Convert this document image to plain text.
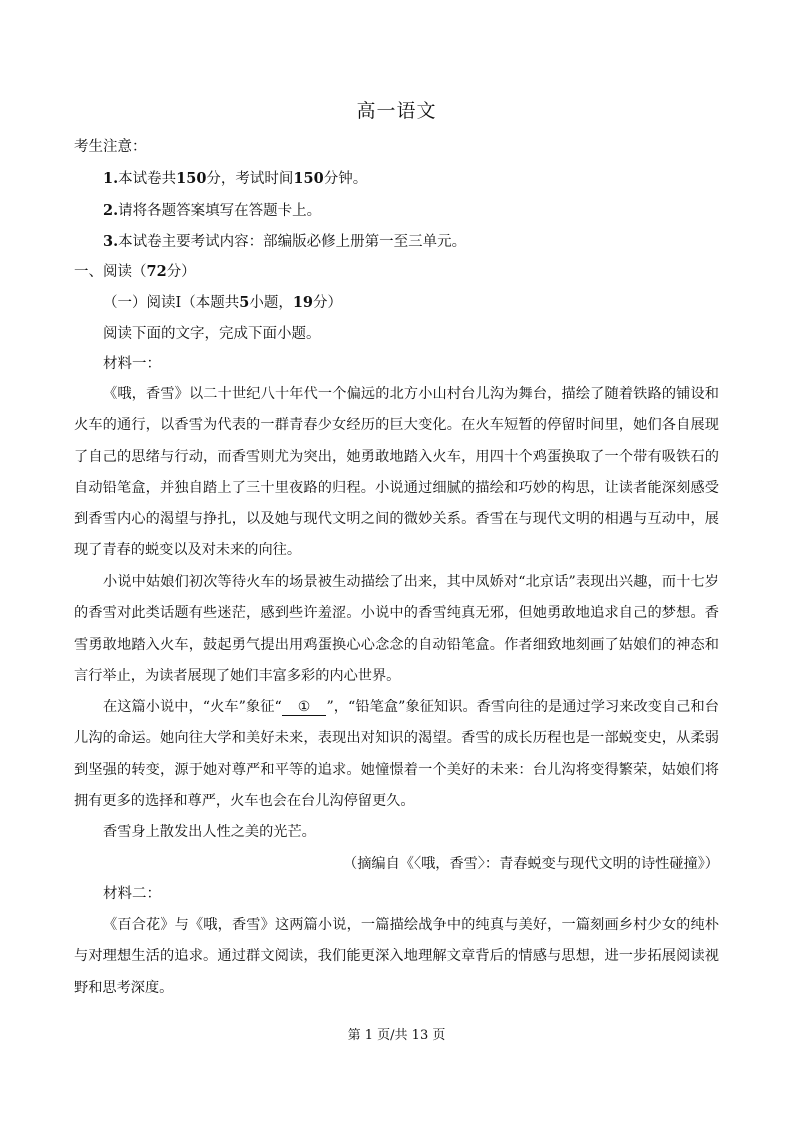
高一语文
考生注意：
1.本试卷共150分，考试时间150分钟。
2.请将各题答案填写在答题卡上。
3.本试卷主要考试内容：部编版必修上册第一至三单元。
一、阅读（72分）
（一）阅读Ⅰ（本题共5小题，19分）
阅读下面的文字，完成下面小题。
材料一：

《哦，香雪》以二十世纪八十年代一个偏远的北方小山村台儿沟为舞台，描绘了随着铁路的铺设和火车的通行，以香雪为代表的一群青春少女经历的巨大变化。在火车短暂的停留时间里，她们各自展现了自己的思绪与行动，而香雪则尤为突出，她勇敢地踏入火车，用四十个鸡蛋换取了一个带有吸铁石的自动铅笔盒，并独自踏上了三十里夜路的归程。小说通过细腻的描绘和巧妙的构思，让读者能深刻感受到香雪内心的渴望与挣扎，以及她与现代文明之间的微妙关系。香雪在与现代文明的相遇与互动中，展现了青春的蜕变以及对未来的向往。

小说中姑娘们初次等待火车的场景被生动描绘了出来，其中凤娇对“北京话”表现出兴趣，而十七岁的香雪对此类话题有些迷茫，感到些许羞涩。小说中的香雪纯真无邪，但她勇敢地追求自己的梦想。香雪勇敢地踏入火车，鼓起勇气提出用鸡蛋换心心念念的自动铅笔盒。作者细致地刻画了姑娘们的神态和言行举止，为读者展现了她们丰富多彩的内心世界。

在这篇小说中，“火车”象征“ ① ”，“铅笔盒”象征知识。香雪向往的是通过学习来改变自己和台儿沟的命运。她向往大学和美好未来，表现出对知识的渴望。香雪的成长历程也是一部蜕变史，从柔弱到坚强的转变，源于她对尊严和平等的追求。她憧憬着一个美好的未来：台儿沟将变得繁荣，姑娘们将拥有更多的选择和尊严，火车也会在台儿沟停留更久。

香雪身上散发出人性之美的光芒。

（摘编自《〈哦，香雪〉：青春蜕变与现代文明的诗性碰撞》）
材料二：

《百合花》与《哦，香雪》这两篇小说，一篇描绘战争中的纯真与美好，一篇刻画乡村少女的纯朴与对理想生活的追求。通过群文阅读，我们能更深入地理解文章背后的情感与思想，进一步拓展阅读视野和思考深度。

第 1 页/共 13 页
